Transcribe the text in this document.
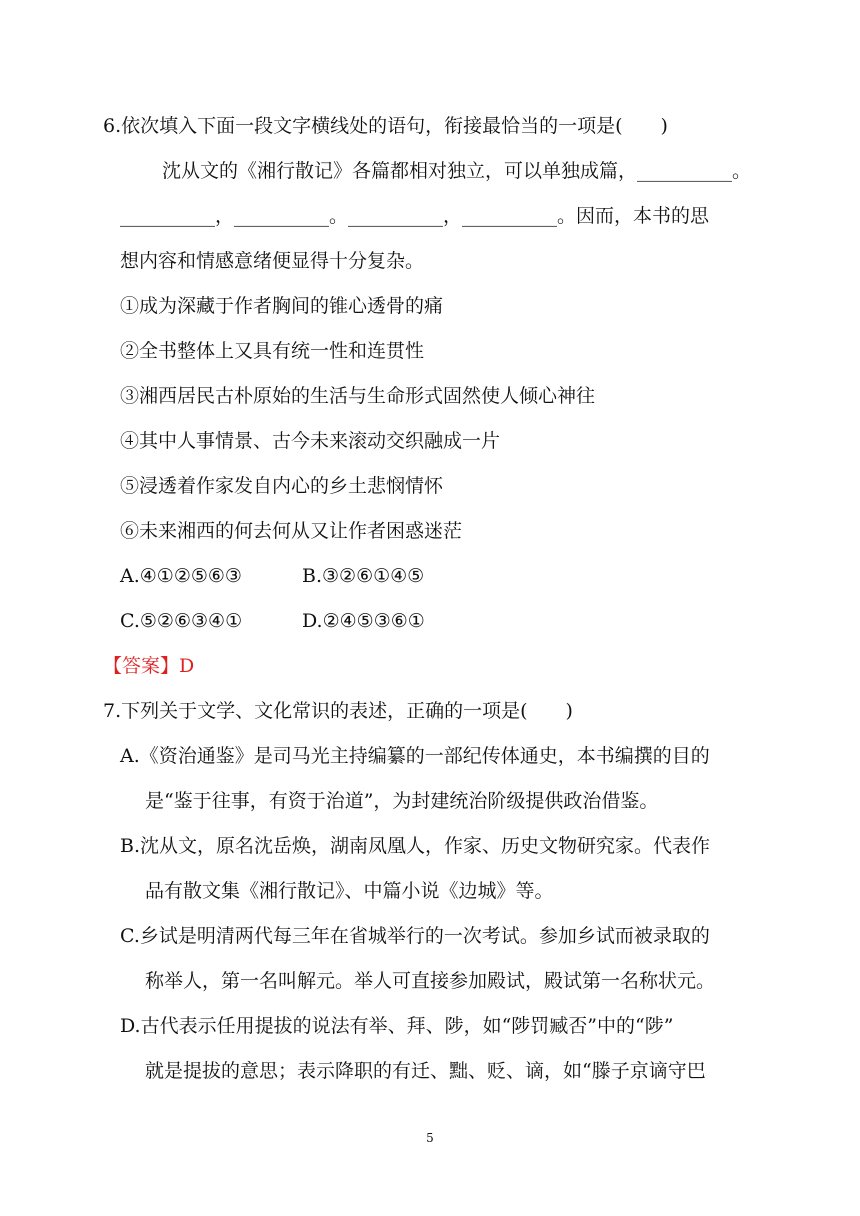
6.依次填入下面一段文字横线处的语句，衔接最恰当的一项是(　　)
沈从文的《湘行散记》各篇都相对独立，可以单独成篇，__________。
__________，__________。__________，__________。因而，本书的思
想内容和情感意绪便显得十分复杂。
①成为深藏于作者胸间的锥心透骨的痛
②全书整体上又具有统一性和连贯性
③湘西居民古朴原始的生活与生命形式固然使人倾心神往
④其中人事情景、古今未来滚动交织融成一片
⑤浸透着作家发自内心的乡土悲悯情怀
⑥未来湘西的何去何从又让作者困惑迷茫
A.④①②⑤⑥③	B.③②⑥①④⑤
C.⑤②⑥③④①	D.②④⑤③⑥①
【答案】D
7.下列关于文学、文化常识的表述，正确的一项是(　　)
A.《资治通鉴》是司马光主持编纂的一部纪传体通史，本书编撰的目的
是“鉴于往事，有资于治道”，为封建统治阶级提供政治借鉴。
B.沈从文，原名沈岳焕，湖南凤凰人，作家、历史文物研究家。代表作
品有散文集《湘行散记》、中篇小说《边城》等。
C.乡试是明清两代每三年在省城举行的一次考试。参加乡试而被录取的
称举人，第一名叫解元。举人可直接参加殿试，殿试第一名称状元。
D.古代表示任用提拔的说法有举、拜、陟，如“陟罚臧否”中的“陟”
就是提拔的意思；表示降职的有迁、黜、贬、谪，如“滕子京谪守巴
5
